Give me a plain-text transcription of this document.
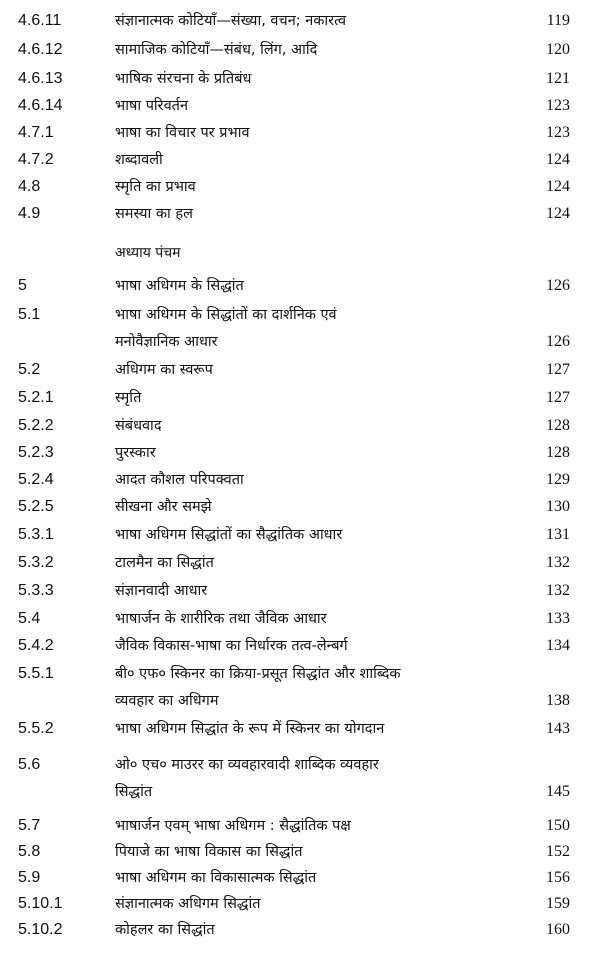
4.6.11	संज्ञानात्मक कोटियाँ—संख्या, वचन; नकारत्व	119
4.6.12	सामाजिक कोटियाँ—संबंध, लिंग, आदि	120
4.6.13	भाषिक संरचना के प्रतिबंध	121
4.6.14	भाषा परिवर्तन	123
4.7.1	भाषा का विचार पर प्रभाव	123
4.7.2	शब्दावली	124
4.8	स्मृति का प्रभाव	124
4.9	समस्या का हल	124
अध्याय पंचम
5	भाषा अधिगम के सिद्धांत	126
5.1	भाषा अधिगम के सिद्धांतों का दार्शनिक एवं
मनोवैज्ञानिक आधार	126
5.2	अधिगम का स्वरूप	127
5.2.1	स्मृति	127
5.2.2	संबंधवाद	128
5.2.3	पुरस्कार	128
5.2.4	आदत कौशल परिपक्वता	129
5.2.5	सीखना और समझे	130
5.3.1	भाषा अधिगम सिद्धांतों का सैद्धांतिक आधार	131
5.3.2	टालमैन का सिद्धांत	132
5.3.3	संज्ञानवादी आधार	132
5.4	भाषार्जन के शारीरिक तथा जैविक आधार	133
5.4.2	जैविक विकास-भाषा का निर्धारक तत्व-लेन्बर्ग	134
5.5.1	बी० एफ० स्किनर का क्रिया-प्रसूत सिद्धांत और शाब्दिक
व्यवहार का अधिगम	138
5.5.2	भाषा अधिगम सिद्धांत के रूप में स्किनर का योगदान	143
5.6	ओ० एच० माउरर का व्यवहारवादी शाब्दिक व्यवहार
सिद्धांत	145
5.7	भाषार्जन एवम् भाषा अधिगम : सैद्धांतिक पक्ष	150
5.8	पियाजे का भाषा विकास का सिद्धांत	152
5.9	भाषा अधिगम का विकासात्मक सिद्धांत	156
5.10.1	संज्ञानात्मक अधिगम सिद्धांत	159
5.10.2	कोहलर का सिद्धांत	160
